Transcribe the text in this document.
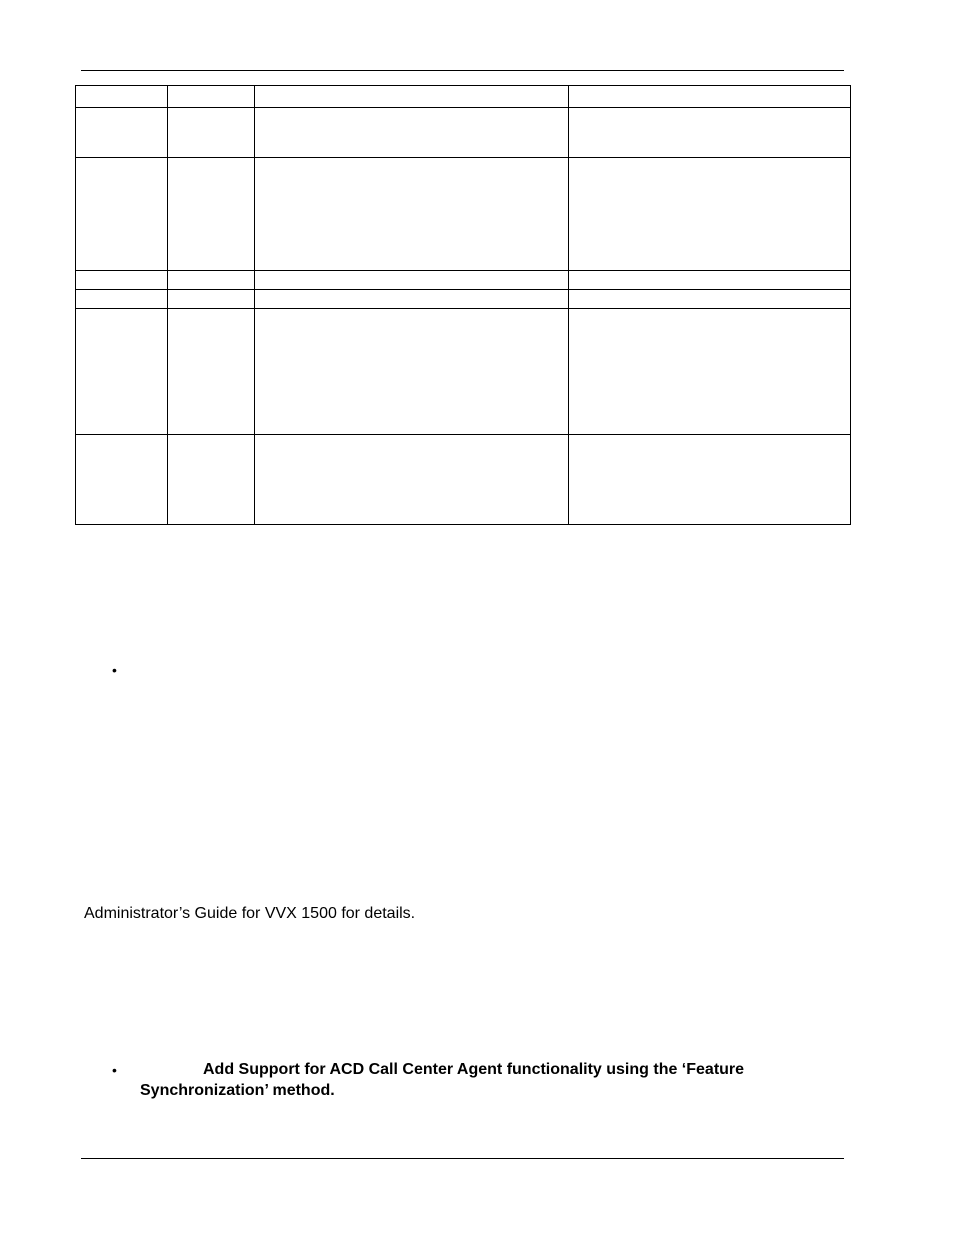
•
Administrator’s Guide for VVX 1500 for details.
•	Add Support for ACD Call Center Agent functionality using the ‘Feature Synchronization’ method.
